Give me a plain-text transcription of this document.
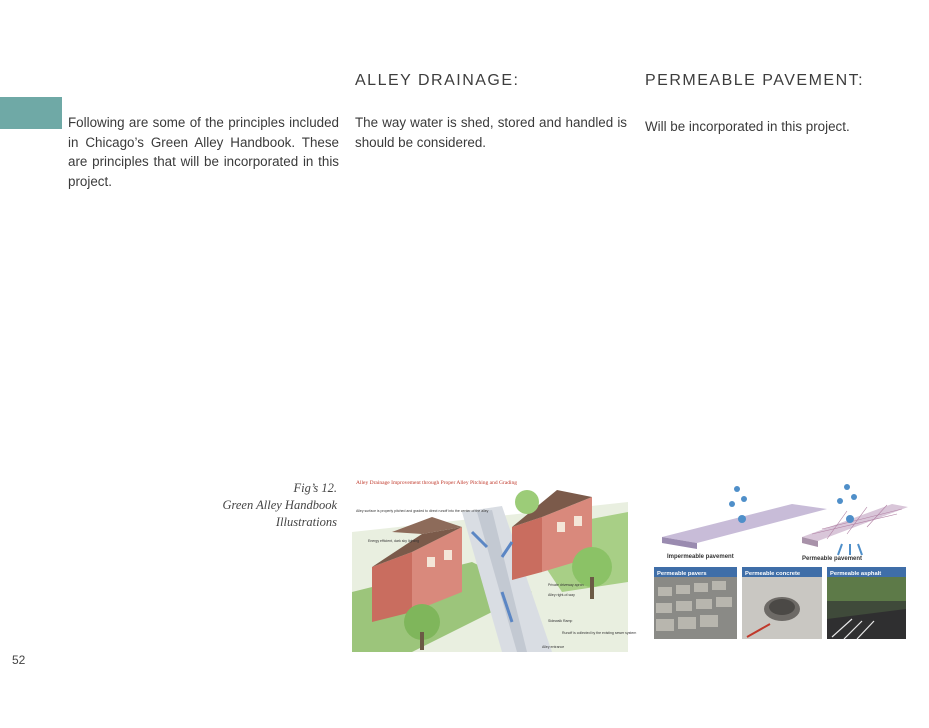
ALLEY DRAINAGE:	PERMEABLE PAVEMENT:
Following are some of the principles included in Chicago’s Green Alley Handbook. These are principles that will be incorporated in this project.
The way water is shed, stored and handled is should be considered.
Will be incorporated in this project.
Fig’s 12.
Green Alley Handbook
Illustrations
Alley Drainage Improvement through Proper Alley Pitching and Grading
Alley surface is properly pitched and graded to direct runoff into the center of the alley
Energy efficient, dark sky lighting
Private driveway apron
Alley right-of-way
Sidewalk Ramp
Runoff is collected by the existing sewer system
Alley entrance
Impermeable pavement	Permeable pavement
Permeable pavers	Permeable concrete	Permeable asphalt
52
